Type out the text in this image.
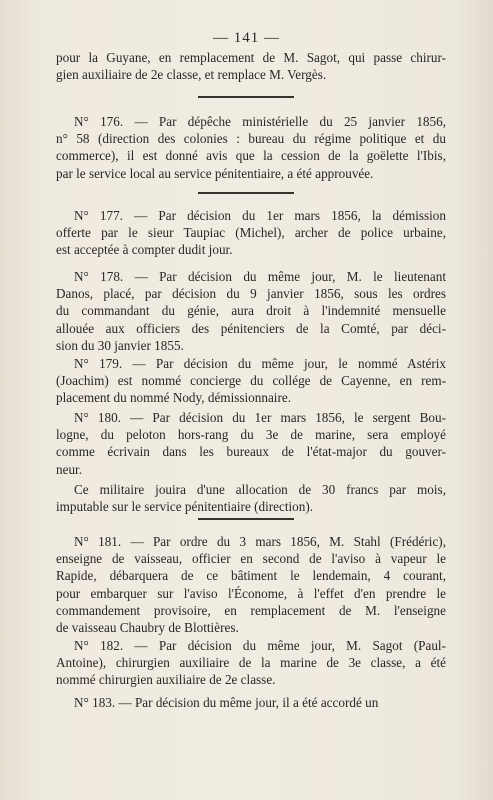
— 141 —
pour la Guyane, en remplacement de M. Sagot, qui passe chirur-
gien auxiliaire de 2e classe, et remplace M. Vergès.
N° 176. — Par dépêche ministérielle du 25 janvier 1856,
n° 58 (direction des colonies : bureau du régime politique et du
commerce), il est donné avis que la cession de la goëlette l'Ibis,
par le service local au service pénitentiaire, a été approuvée.
N° 177. — Par décision du 1er mars 1856, la démission
offerte par le sieur Taupiac (Michel), archer de police urbaine,
est acceptée à compter dudit jour.
N° 178. — Par décision du même jour, M. le lieutenant
Danos, placé, par décision du 9 janvier 1856, sous les ordres
du commandant du génie, aura droit à l'indemnité mensuelle
allouée aux officiers des pénitenciers de la Comté, par déci-
sion du 30 janvier 1855.
N° 179. — Par décision du même jour, le nommé Astérix
(Joachim) est nommé concierge du collége de Cayenne, en rem-
placement du nommé Nody, démissionnaire.
N° 180. — Par décision du 1er mars 1856, le sergent Bou-
logne, du peloton hors-rang du 3e de marine, sera employé
comme écrivain dans les bureaux de l'état-major du gouver-
neur.
Ce militaire jouira d'une allocation de 30 francs par mois,
imputable sur le service pénitentiaire (direction).
N° 181. — Par ordre du 3 mars 1856, M. Stahl (Frédéric),
enseigne de vaisseau, officier en second de l'aviso à vapeur le
Rapide, débarquera de ce bâtiment le lendemain, 4 courant,
pour embarquer sur l'aviso l'Économe, à l'effet d'en prendre le
commandement provisoire, en remplacement de M. l'enseigne
de vaisseau Chaubry de Blottières.
N° 182. — Par décision du même jour, M. Sagot (Paul-
Antoine), chirurgien auxiliaire de la marine de 3e classe, a été
nommé chirurgien auxiliaire de 2e classe.
N° 183. — Par décision du même jour, il a été accordé un
